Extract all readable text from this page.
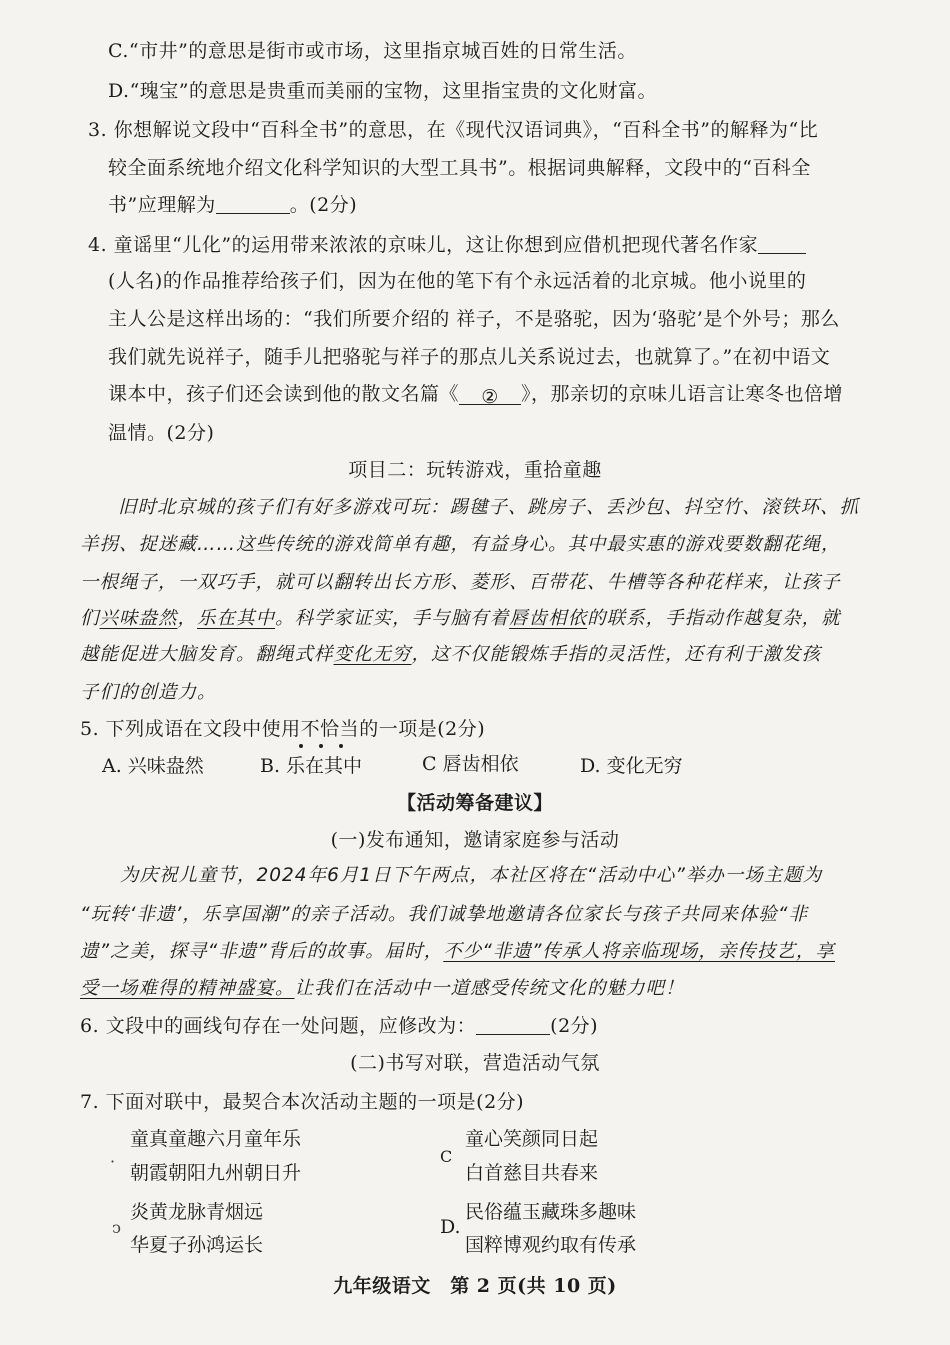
C.“市井”的意思是街市或市场，这里指京城百姓的日常生活。
D.“瑰宝”的意思是贵重而美丽的宝物，这里指宝贵的文化财富。
3. 你想解说文段中“百科全书”的意思，在《现代汉语词典》，“百科全书”的解释为“比
较全面系统地介绍文化科学知识的大型工具书”。根据词典解释，文段中的“百科全
书”应理解为	。(2分)
4. 童谣里“儿化”的运用带来浓浓的京味儿，这让你想到应借机把现代著名作家
(人名)的作品推荐给孩子们，因为在他的笔下有个永远活着的北京城。他小说里的
主人公是这样出场的：“我们所要介绍的 祥子，不是骆驼，因为‘骆驼’是个外号；那么
我们就先说祥子，随手儿把骆驼与祥子的那点儿关系说过去，也就算了。”在初中语文
课本中，孩子们还会读到他的散文名篇《 ② 》，那亲切的京味儿语言让寒冬也倍增
温情。(2分)
项目二：玩转游戏，重拾童趣
旧时北京城的孩子们有好多游戏可玩：踢毽子、跳房子、丢沙包、抖空竹、滚铁环、抓
羊拐、捉迷藏……这些传统的游戏简单有趣，有益身心。其中最实惠的游戏要数翻花绳，
一根绳子，一双巧手，就可以翻转出长方形、菱形、百带花、牛槽等各种花样来，让孩子
们兴味盎然，乐在其中。科学家证实，手与脑有着唇齿相依的联系，手指动作越复杂，就
越能促进大脑发育。翻绳式样变化无穷，这不仅能锻炼手指的灵活性，还有利于激发孩
子们的创造力。
5. 下列成语在文段中使用不恰当的一项是(2分)
A. 兴味盎然	B. 乐在其中	C 唇齿相依	D. 变化无穷
【活动筹备建议】
(一)发布通知，邀请家庭参与活动
为庆祝儿童节，2024年6月1日下午两点，本社区将在“活动中心”举办一场主题为
“玩转‘非遗’，乐享国潮”的亲子活动。我们诚挚地邀请各位家长与孩子共同来体验“非
遗”之美，探寻“非遗”背后的故事。届时，不少“非遗”传承人将亲临现场，亲传技艺，享
受一场难得的精神盛宴。让我们在活动中一道感受传统文化的魅力吧！
6. 文段中的画线句存在一处问题，应修改为：	(2分)
(二)书写对联，营造活动气氛
7. 下面对联中，最契合本次活动主题的一项是(2分)
童真童趣六月童年乐
朝霞朝阳九州朝日升
·	C
童心笑颜同日起
白首慈目共春来
炎黄龙脉青烟远
华夏子孙鸿运长
ↄ	D.
民俗蕴玉藏珠多趣味
国粹博观约取有传承
九年级语文　第 2 页(共 10 页)
